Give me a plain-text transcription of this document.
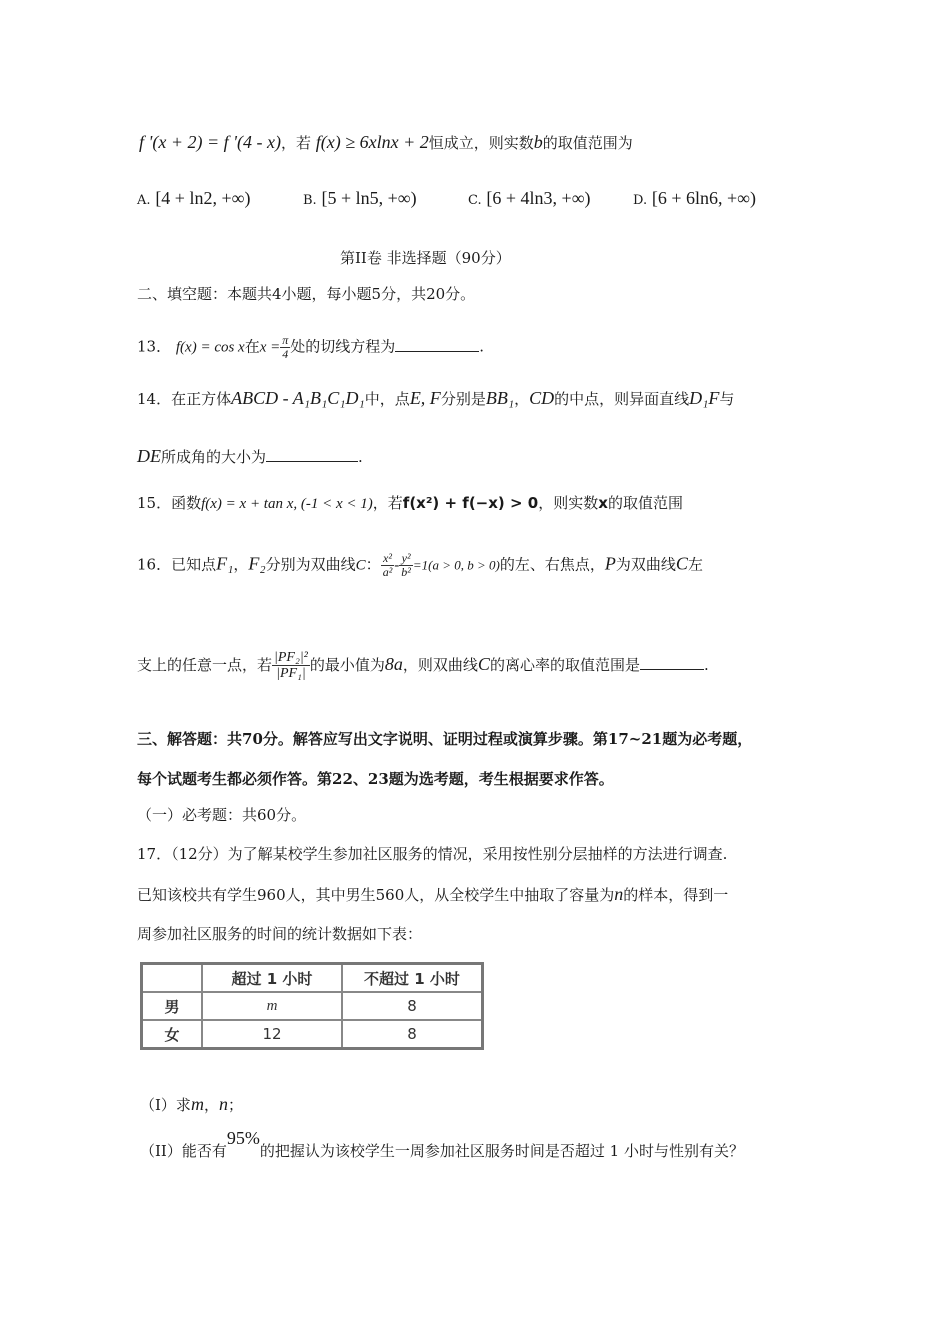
f '(x + 2) = f '(4 - x)，若 f(x) ≥ 6xlnx + 2恒成立，则实数b的取值范围为
A. [4 + ln2, +∞)	B. [5 + ln5, +∞)	C. [6 + 4ln3, +∞)	D. [6 + 6ln6, +∞)
第II卷 非选择题（90分）
二、填空题：本题共4小题，每小题5分，共20分。
13． f(x) = cos x在$x = \frac{\pi}{4}$ 处的切线方程为	.
14．在正方体ABCD - A₁B₁C₁D₁中，点E, F分别是BB₁，CD的中点，则异面直线D₁F与
DE所成角的大小为	.
15．函数f(x) = x + tan x, (-1 < x < 1)，若f(x²) + f(−x) > 0，则实数x的取值范围
16．已知点F₁，F₂分别为双曲线C： $\frac{\text{x²}}{\text{a²}} - \frac{\text{y²}}{\text{b²}} =1(a > 0$, b > 0)的左、右焦点，P为双曲线C左
支上的任意一点，若 $\frac{\text{|PF₂|²}}{\text{|PF₁|}}$ 的最小值为8a，则双曲线C的离心率的取值范围是	.
三、解答题：共70分。解答应写出文字说明、证明过程或演算步骤。第17~21题为必考题，
每个试题考生都必须作答。第22、23题为选考题，考生根据要求作答。
（一）必考题：共60分。
17．（12分）为了解某校学生参加社区服务的情况，采用按性别分层抽样的方法进行调查.
已知该校共有学生960人，其中男生560人，从全校学生中抽取了容量为n的样本，得到一
周参加社区服务的时间的统计数据如下表：
	超过 1 小时	不超过 1 小时
男	m	8
女	12	8
（I）求m，n；
（II）能否有95%的把握认为该校学生一周参加社区服务时间是否超过 1 小时与性别有关？
